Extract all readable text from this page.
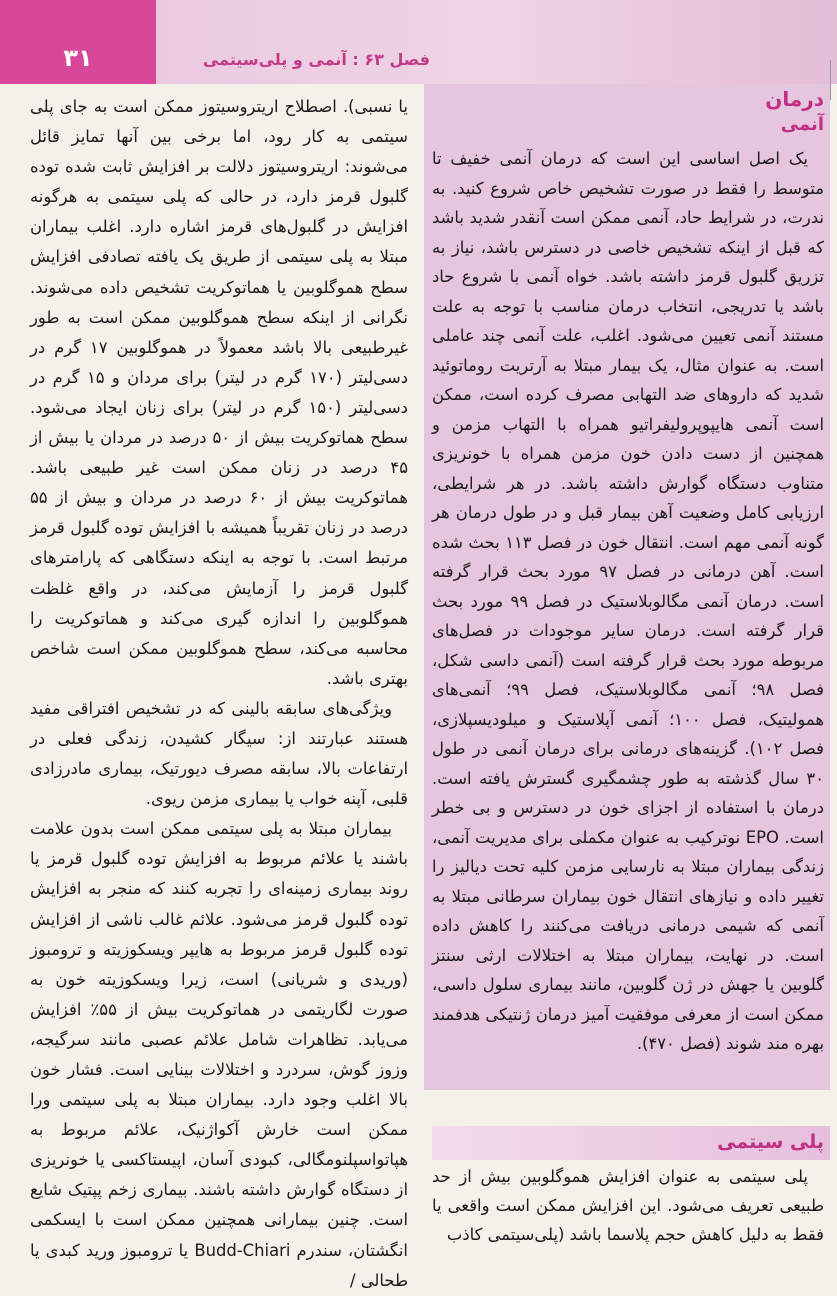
۳۱	فصل ۶۳ : آنمی و پلی‌سیتمی

یا نسبی). اصطلاح اریتروسیتوز ممکن است به جای پلی سیتمی به کار رود، اما برخی بین آنها تمایز قائل می‌شوند: اریتروسیتوز دلالت بر افزایش ثابت شده توده گلبول قرمز دارد، در حالی که پلی سیتمی به هرگونه افزایش در گلبول‌های قرمز اشاره دارد. اغلب بیماران مبتلا به پلی سیتمی از طریق یک یافته تصادفی افزایش سطح هموگلوبین یا هماتوکریت تشخیص داده می‌شوند. نگرانی از اینکه سطح هموگلوبین ممکن است به طور غیرطبیعی بالا باشد معمولاً در هموگلوبین ۱۷ گرم در دسی‌لیتر (۱۷۰ گرم در لیتر) برای مردان و ۱۵ گرم در دسی‌لیتر (۱۵۰ گرم در لیتر) برای زنان ایجاد می‌شود. سطح هماتوکریت بیش از ۵۰ درصد در مردان یا بیش از ۴۵ درصد در زنان ممکن است غیر طبیعی باشد. هماتوکریت بیش از ۶۰ درصد در مردان و بیش از ۵۵ درصد در زنان تقریباً همیشه با افزایش توده گلبول قرمز مرتبط است. با توجه به اینکه دستگاهی که پارامترهای گلبول قرمز را آزمایش می‌کند، در واقع غلظت هموگلوبین را اندازه گیری می‌کند و هماتوکریت را محاسبه می‌کند، سطح هموگلوبین ممکن است شاخص بهتری باشد.

ویژگی‌های سابقه بالینی که در تشخیص افتراقی مفید هستند عبارتند از: سیگار کشیدن، زندگی فعلی در ارتفاعات بالا، سابقه مصرف دیورتیک، بیماری مادرزادی قلبی، آپنه خواب یا بیماری مزمن ریوی.

بیماران مبتلا به پلی سیتمی ممکن است بدون علامت باشند یا علائم مربوط به افزایش توده گلبول قرمز یا روند بیماری زمینه‌ای را تجربه کنند که منجر به افزایش توده گلبول قرمز می‌شود. علائم غالب ناشی از افزایش توده گلبول قرمز مربوط به هایپر ویسکوزیته و ترومبوز (وریدی و شریانی) است، زیرا ویسکوزیته خون به صورت لگاریتمی در هماتوکریت بیش از ۵۵٪ افزایش می‌یابد. تظاهرات شامل علائم عصبی مانند سرگیجه، وزوز گوش، سردرد و اختلالات بینایی است. فشار خون بالا اغلب وجود دارد. بیماران مبتلا به پلی سیتمی ورا ممکن است خارش آکواژنیک، علائم مربوط به هپاتواسپلنومگالی، کبودی آسان، اپیستاکسی یا خونریزی از دستگاه گوارش داشته باشند. بیماری زخم پپتیک شایع است. چنین بیمارانی همچنین ممکن است با ایسکمی انگشتان، سندرم Budd-Chiari یا ترومبوز ورید کبدی یا طحالی /

درمان
آنمی

یک اصل اساسی این است که درمان آنمی خفیف تا متوسط را فقط در صورت تشخیص خاص شروع کنید. به ندرت، در شرایط حاد، آنمی ممکن است آنقدر شدید باشد که قبل از اینکه تشخیص خاصی در دسترس باشد، نیاز به تزریق گلبول قرمز داشته باشد. خواه آنمی با شروع حاد باشد یا تدریجی، انتخاب درمان مناسب با توجه به علت مستند آنمی تعیین می‌شود. اغلب، علت آنمی چند عاملی است. به عنوان مثال، یک بیمار مبتلا به آرتریت روماتوئید شدید که داروهای ضد التهابی مصرف کرده است، ممکن است آنمی هایپوپرولیفراتیو همراه با التهاب مزمن و همچنین از دست دادن خون مزمن همراه با خونریزی متناوب دستگاه گوارش داشته باشد. در هر شرایطی، ارزیابی کامل وضعیت آهن بیمار قبل و در طول درمان هر گونه آنمی مهم است. انتقال خون در فصل ۱۱۳ بحث شده است. آهن درمانی در فصل ۹۷ مورد بحث قرار گرفته است. درمان آنمی مگالوبلاستیک در فصل ۹۹ مورد بحث قرار گرفته است. درمان سایر موجودات در فصل‌های مربوطه مورد بحث قرار گرفته است (آنمی داسی شکل، فصل ۹۸؛ آنمی مگالوبلاستیک، فصل ۹۹؛ آنمی‌های همولیتیک، فصل ۱۰۰؛ آنمی آپلاستیک و میلودیسپلازی، فصل ۱۰۲). گزینه‌های درمانی برای درمان آنمی در طول ۳۰ سال گذشته به طور چشمگیری گسترش یافته است. درمان با استفاده از اجزای خون در دسترس و بی خطر است. EPO نوترکیب به عنوان مکملی برای مدیریت آنمی، زندگی بیماران مبتلا به نارسایی مزمن کلیه تحت دیالیز را تغییر داده و نیازهای انتقال خون بیماران سرطانی مبتلا به آنمی که شیمی درمانی دریافت می‌کنند را کاهش داده است. در نهایت، بیماران مبتلا به اختلالات ارثی سنتز گلوبین یا جهش در ژن گلوبین، مانند بیماری سلول داسی، ممکن است از معرفی موفقیت آمیز درمان ژنتیکی هدفمند بهره مند شوند (فصل ۴۷۰).

پلی سیتمی

پلی سیتمی به عنوان افزایش هموگلوبین بیش از حد طبیعی تعریف می‌شود. این افزایش ممکن است واقعی یا فقط به دلیل کاهش حجم پلاسما باشد (پلی‌سیتمی کاذب
